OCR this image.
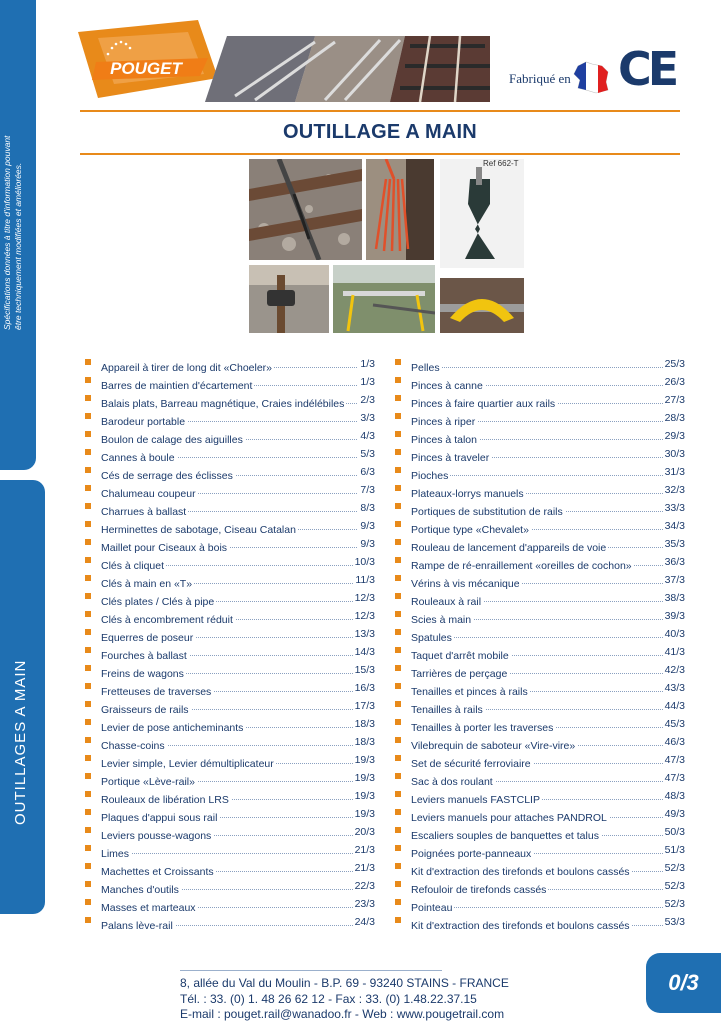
Spécifications données à titre d'information pouvant être techniquement modifiées et améliorées.
OUTILLAGES A MAIN
POUGET
Fabriqué en CE
OUTILLAGE A MAIN
Ref 662-T
Appareil à tirer de long dit «Choeler»	1/3
Barres de maintien d'écartement	1/3
Balais plats, Barreau magnétique, Craies indélébiles 2/3
Barodeur portable	3/3
Boulon de calage des aiguilles	4/3
Cannes à boule	5/3
Cés de serrage des éclisses	6/3
Chalumeau coupeur	7/3
Charrues à ballast	8/3
Herminettes de sabotage, Ciseau Catalan	9/3
Maillet pour Ciseaux à bois	9/3
Clés à cliquet	10/3
Clés à main en «T»	11/3
Clés plates / Clés à pipe	12/3
Clés à encombrement réduit	12/3
Equerres de poseur	13/3
Fourches à ballast	14/3
Freins de wagons	15/3
Fretteuses de traverses	16/3
Graisseurs de rails	17/3
Levier de pose anticheminants	18/3
Chasse-coins	18/3
Levier simple, Levier démultiplicateur	19/3
Portique «Lève-rail»	19/3
Rouleaux de libération LRS	19/3
Plaques d'appui sous rail	19/3
Leviers pousse-wagons	20/3
Limes	21/3
Machettes et Croissants	21/3
Manches d'outils	22/3
Masses et marteaux	23/3
Palans lève-rail	24/3
Pelles	25/3
Pinces à canne	26/3
Pinces à faire quartier aux rails	27/3
Pinces à riper	28/3
Pinces à talon	29/3
Pinces à traveler	30/3
Pioches	31/3
Plateaux-lorrys manuels	32/3
Portiques de substitution de rails	33/3
Portique type «Chevalet»	34/3
Rouleau de lancement d'appareils de voie	35/3
Rampe de ré-enraillement «oreilles de cochon»	36/3
Vérins à vis mécanique	37/3
Rouleaux à rail	38/3
Scies à main	39/3
Spatules	40/3
Taquet d'arrêt mobile	41/3
Tarrières de perçage	42/3
Tenailles et pinces à rails	43/3
Tenailles à rails	44/3
Tenailles à porter les traverses	45/3
Vilebrequin de saboteur «Vire-vire»	46/3
Set de sécurité ferroviaire	47/3
Sac à dos roulant	47/3
Leviers manuels FASTCLIP	48/3
Leviers manuels pour attaches PANDROL	49/3
Escaliers souples de banquettes et talus	50/3
Poignées porte-panneaux	51/3
Kit d'extraction des tirefonds et boulons cassés	52/3
Refouloir de tirefonds cassés	52/3
Pointeau	52/3
Kit d'extraction des tirefonds et boulons cassés	53/3
8, allée du Val du Moulin - B.P. 69 - 93240 STAINS - FRANCE
Tél. : 33. (0) 1. 48 26 62 12 - Fax : 33. (0) 1.48.22.37.15
E-mail : pouget.rail@wanadoo.fr - Web : www.pougetrail.com
0/3
